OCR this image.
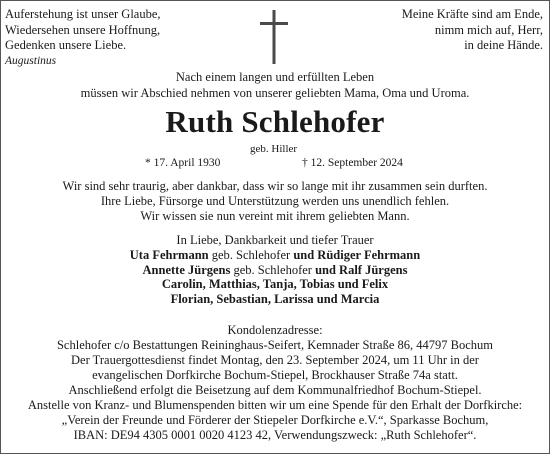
Auferstehung ist unser Glaube,
Wiedersehen unsere Hoffnung,
Gedenken unsere Liebe.
Augustinus
Meine Kräfte sind am Ende,
nimm mich auf, Herr,
in deine Hände.
Nach einem langen und erfüllten Leben
müssen wir Abschied nehmen von unserer geliebten Mama, Oma und Uroma.
Ruth Schlehofer
geb. Hiller
* 17. April 1930	† 12. September 2024
Wir sind sehr traurig, aber dankbar, dass wir so lange mit ihr zusammen sein durften.
Ihre Liebe, Fürsorge und Unterstützung werden uns unendlich fehlen.
Wir wissen sie nun vereint mit ihrem geliebten Mann.
In Liebe, Dankbarkeit und tiefer Trauer
Uta Fehrmann geb. Schlehofer und Rüdiger Fehrmann
Annette Jürgens geb. Schlehofer und Ralf Jürgens
Carolin, Matthias, Tanja, Tobias und Felix
Florian, Sebastian, Larissa und Marcia
Kondolenzadresse:
Schlehofer c/o Bestattungen Reininghaus-Seifert, Kemnader Straße 86, 44797 Bochum
Der Trauergottesdienst findet Montag, den 23. September 2024, um 11 Uhr in der
evangelischen Dorfkirche Bochum-Stiepel, Brockhauser Straße 74a statt.
Anschließend erfolgt die Beisetzung auf dem Kommunalfriedhof Bochum-Stiepel.
Anstelle von Kranz- und Blumenspenden bitten wir um eine Spende für den Erhalt der Dorfkirche:
„Verein der Freunde und Förderer der Stiepeler Dorfkirche e.V.“, Sparkasse Bochum,
IBAN: DE94 4305 0001 0020 4123 42, Verwendungszweck: „Ruth Schlehofer“.
